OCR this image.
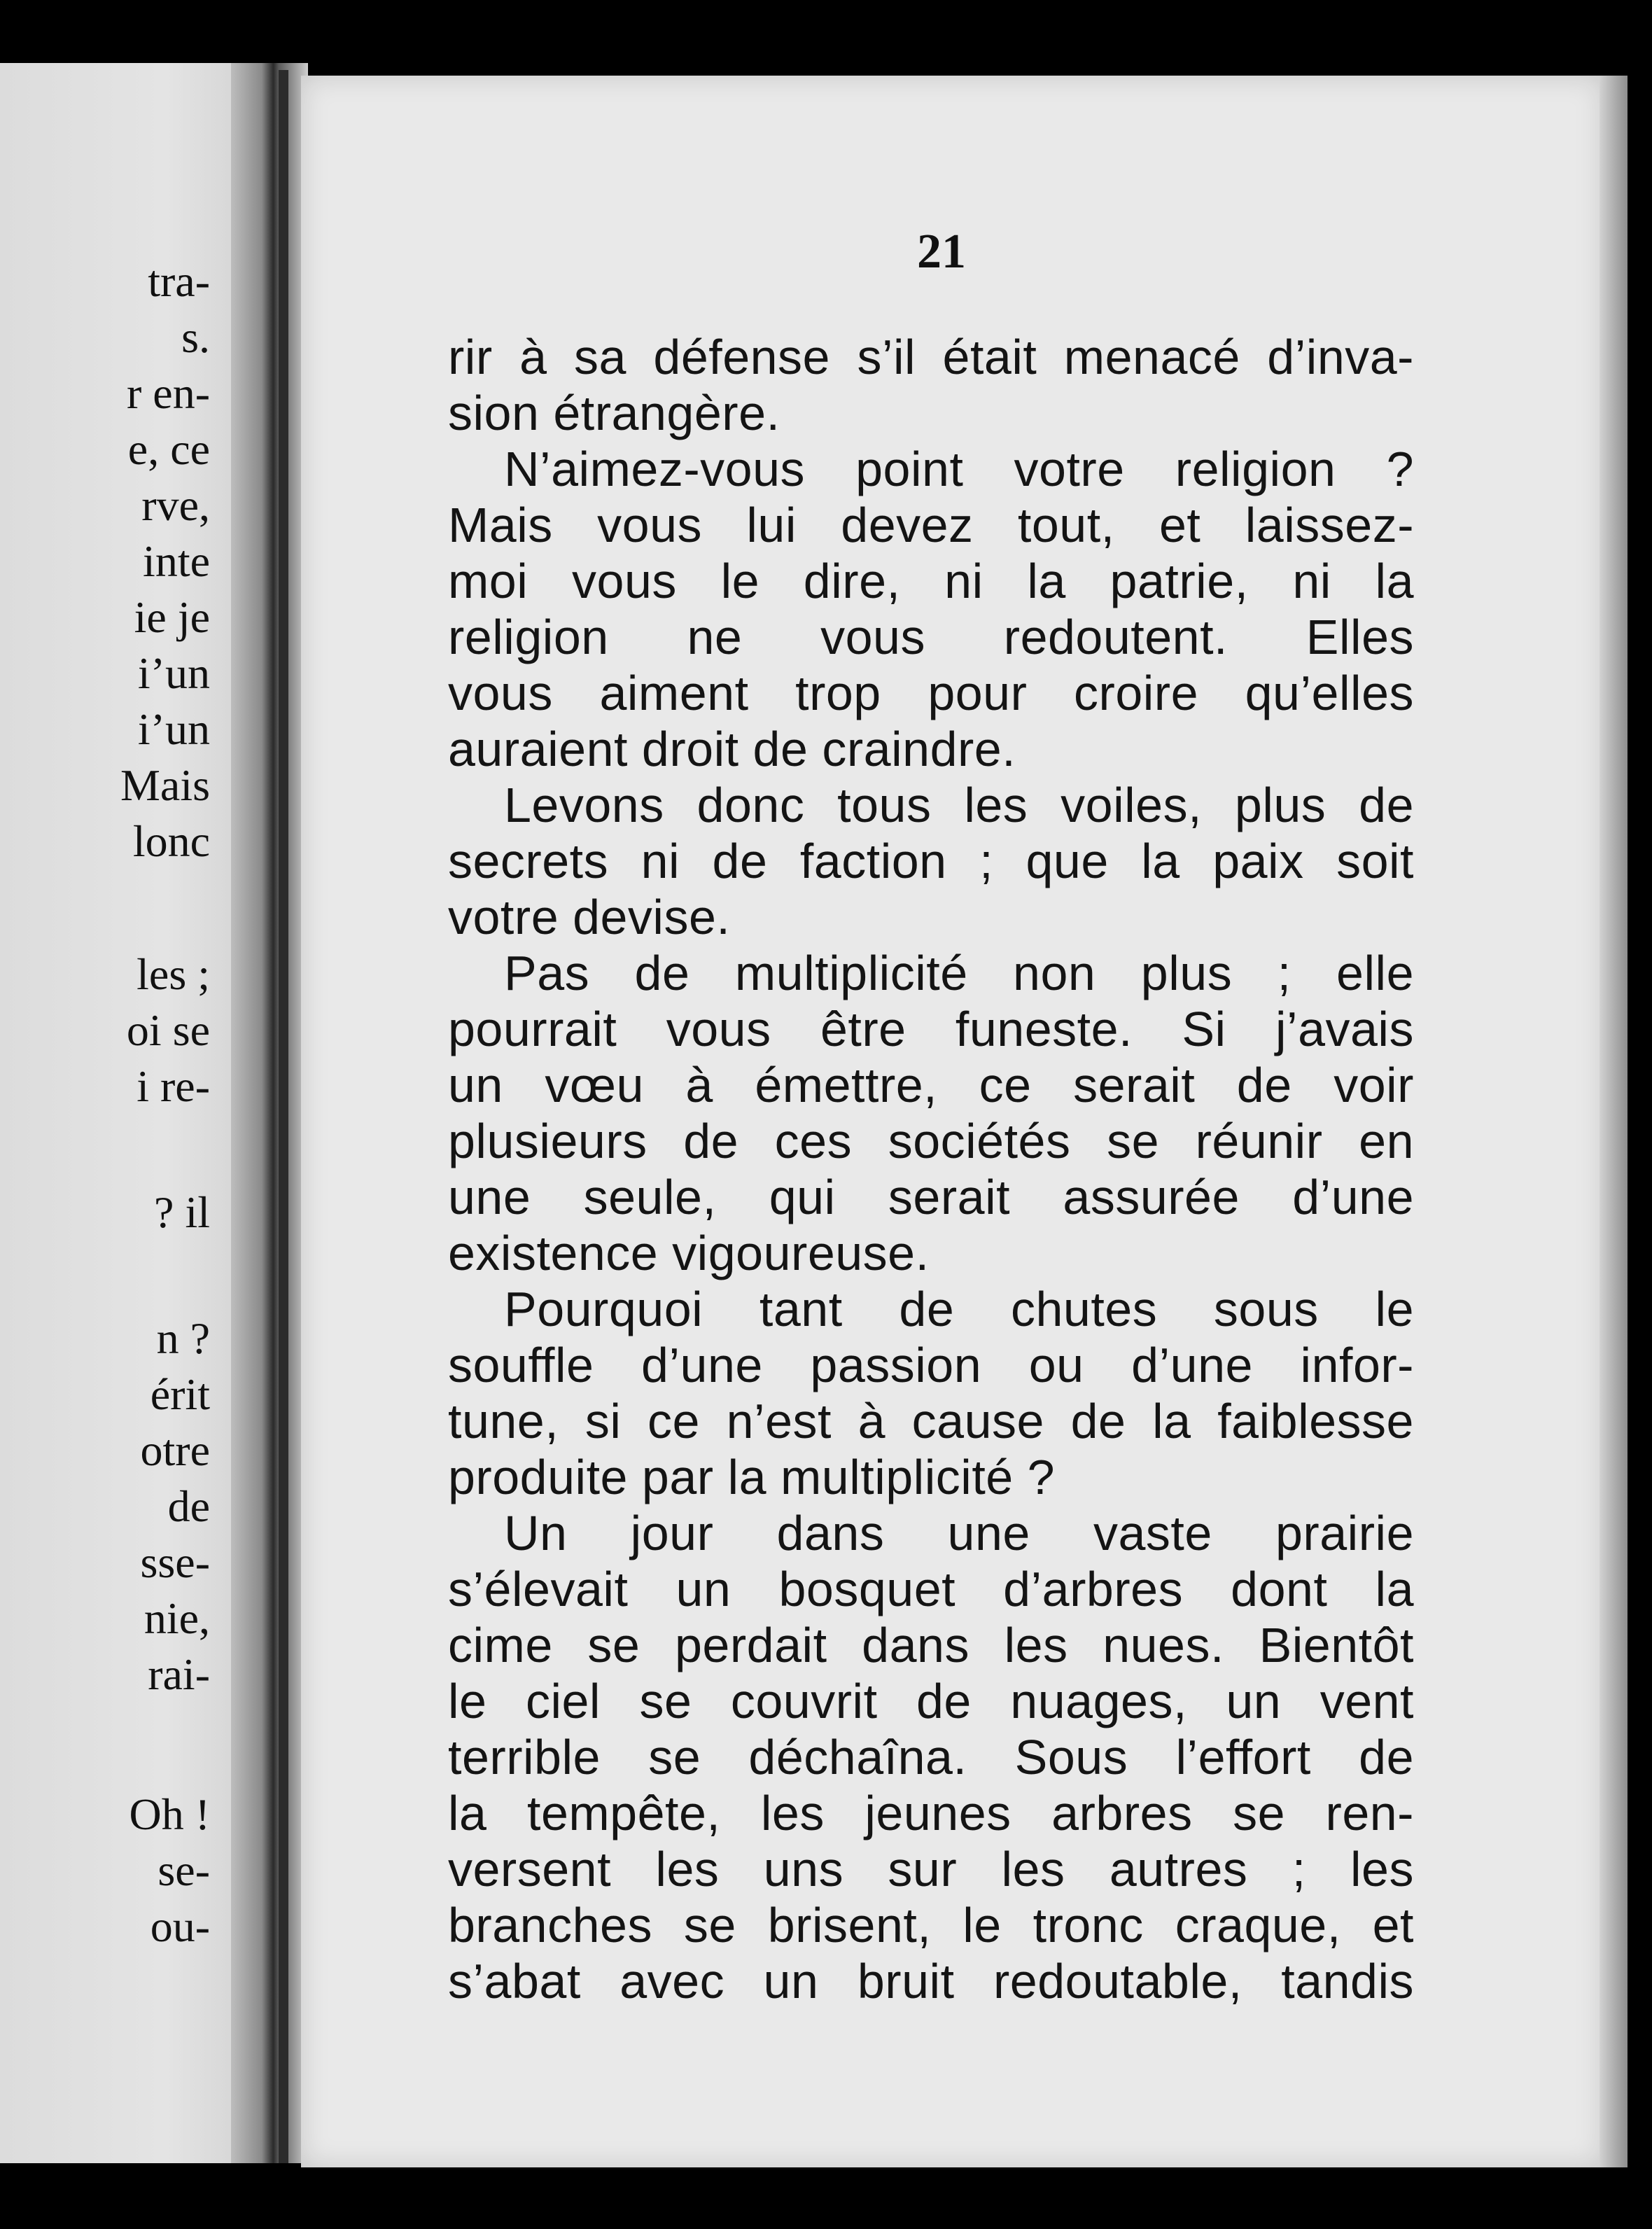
tra-
s.
r en-
e, ce
rve,
inte
ie je
i’un
i’un
Mais
lonc
les ;
oi se
i re-
? il
n ?
érit
otre
de
sse-
nie,
rai-
Oh !
se-
ou-
21
rir à sa défense s’il était menacé d’inva-
sion étrangère.
N’aimez-vous point votre religion ?
Mais vous lui devez tout, et laissez-
moi vous le dire, ni la patrie, ni la
religion ne vous redoutent. Elles
vous aiment trop pour croire qu’elles
auraient droit de craindre.
Levons donc tous les voiles, plus de
secrets ni de faction ; que la paix soit
votre devise.
Pas de multiplicité non plus ; elle
pourrait vous être funeste. Si j’avais
un vœu à émettre, ce serait de voir
plusieurs de ces sociétés se réunir en
une seule, qui serait assurée d’une
existence vigoureuse.
Pourquoi tant de chutes sous le
souffle d’une passion ou d’une infor-
tune, si ce n’est à cause de la faiblesse
produite par la multiplicité ?
Un jour dans une vaste prairie
s’élevait un bosquet d’arbres dont la
cime se perdait dans les nues. Bientôt
le ciel se couvrit de nuages, un vent
terrible se déchaîna. Sous l’effort de
la tempête, les jeunes arbres se ren-
versent les uns sur les autres ; les
branches se brisent, le tronc craque, et
s’abat avec un bruit redoutable, tandis
